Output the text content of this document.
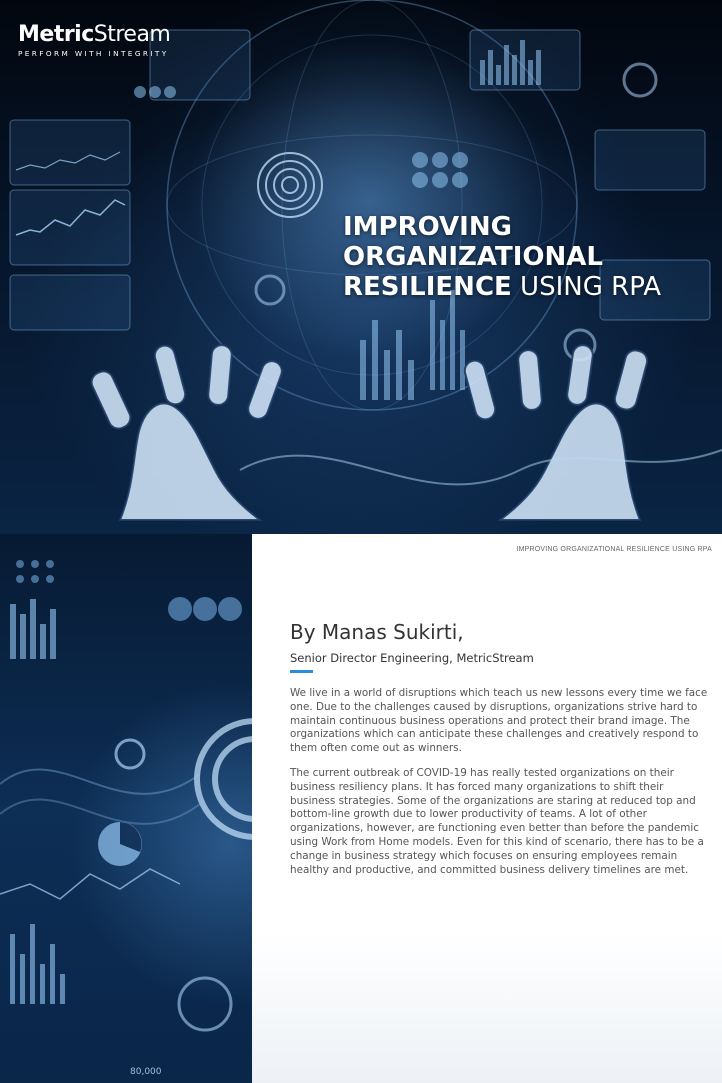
MetricStream
PERFORM WITH INTEGRITY
IMPROVING
ORGANIZATIONAL
RESILIENCE USING RPA
80,000
IMPROVING ORGANIZATIONAL RESILIENCE USING RPA
By Manas Sukirti,
Senior Director Engineering, MetricStream

We live in a world of disruptions which teach us new lessons every time we face one. Due to the challenges caused by disruptions, organizations strive hard to maintain continuous business operations and protect their brand image. The organizations which can anticipate these challenges and creatively respond to them often come out as winners.

The current outbreak of COVID-19 has really tested organizations on their business resiliency plans. It has forced many organizations to shift their business strategies. Some of the organizations are staring at reduced top and bottom-line growth due to lower productivity of teams. A lot of other organizations, however, are functioning even better than before the pandemic using Work from Home models. Even for this kind of scenario, there has to be a change in business strategy which focuses on ensuring employees remain healthy and productive, and committed business delivery timelines are met.
